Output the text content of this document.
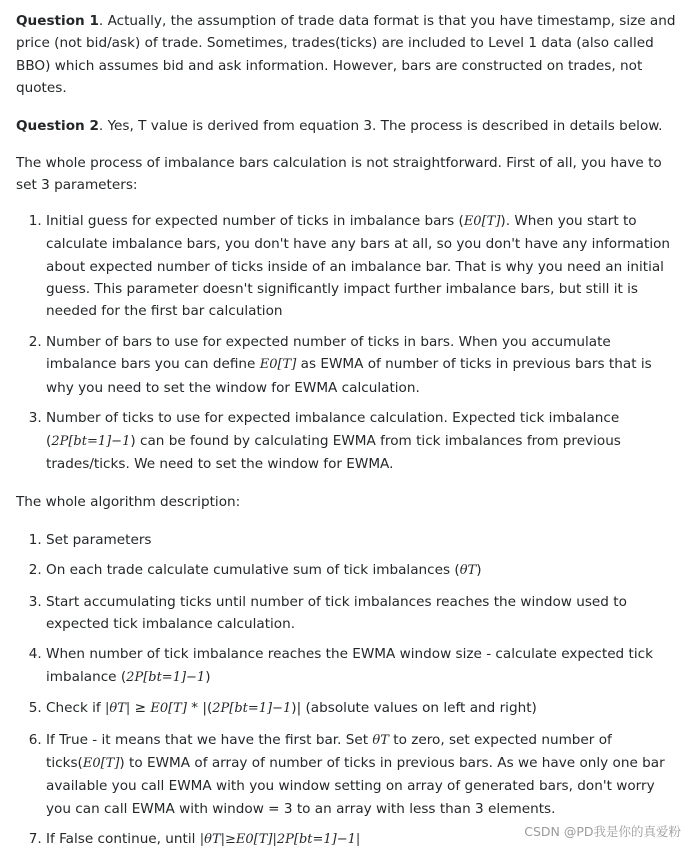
Question 1. Actually, the assumption of trade data format is that you have timestamp, size and price (not bid/ask) of trade. Sometimes, trades(ticks) are included to Level 1 data (also called BBO) which assumes bid and ask information. However, bars are constructed on trades, not quotes.

Question 2. Yes, T value is derived from equation 3. The process is described in details below.

The whole process of imbalance bars calculation is not straightforward. First of all, you have to set 3 parameters:

1. Initial guess for expected number of ticks in imbalance bars (E0[T]). When you start to calculate imbalance bars, you don't have any bars at all, so you don't have any information about expected number of ticks inside of an imbalance bar. That is why you need an initial guess. This parameter doesn't significantly impact further imbalance bars, but still it is needed for the first bar calculation
2. Number of bars to use for expected number of ticks in bars. When you accumulate imbalance bars you can define E0[T] as EWMA of number of ticks in previous bars that is why you need to set the window for EWMA calculation.
3. Number of ticks to use for expected imbalance calculation. Expected tick imbalance (2P[bt=1]−1) can be found by calculating EWMA from tick imbalances from previous trades/ticks. We need to set the window for EWMA.

The whole algorithm description:

1. Set parameters
2. On each trade calculate cumulative sum of tick imbalances (θT)
3. Start accumulating ticks until number of tick imbalances reaches the window used to expected tick imbalance calculation.
4. When number of tick imbalance reaches the EWMA window size - calculate expected tick imbalance (2P[bt=1]−1)
5. Check if |θT| ≥ E0[T] * |(2P[bt=1]−1)| (absolute values on left and right)
6. If True - it means that we have the first bar. Set θT to zero, set expected number of ticks(E0[T]) to EWMA of array of number of ticks in previous bars. As we have only one bar available you call EWMA with you window setting on array of generated bars, don't worry you can call EWMA with window = 3 to an array with less than 3 elements.
7. If False continue, until |θT|≥E0[T]|2P[bt=1]−1|
CSDN @PD我是你的真爱粉
